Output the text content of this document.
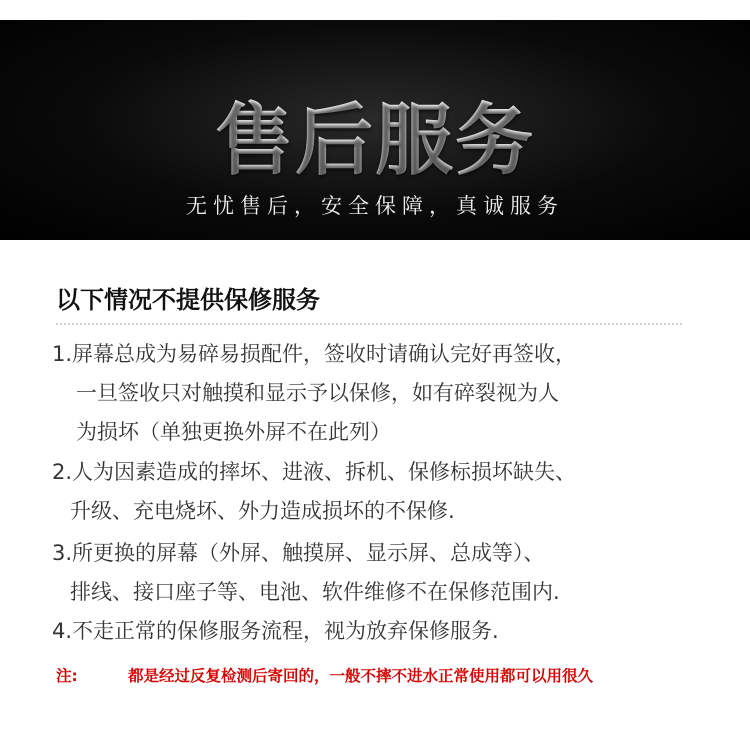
售后服务
无忧售后，安全保障，真诚服务
以下情况不提供保修服务
1.屏幕总成为易碎易损配件，签收时请确认完好再签收，
一旦签收只对触摸和显示予以保修，如有碎裂视为人
为损坏（单独更换外屏不在此列）
2.人为因素造成的摔坏、进液、拆机、保修标损坏缺失、
升级、充电烧坏、外力造成损坏的不保修.
3.所更换的屏幕（外屏、触摸屏、显示屏、总成等）、
排线、接口座子等、电池、软件维修不在保修范围内.
4.不走正常的保修服务流程，视为放弃保修服务.
注:	都是经过反复检测后寄回的，一般不摔不进水正常使用都可以用很久
